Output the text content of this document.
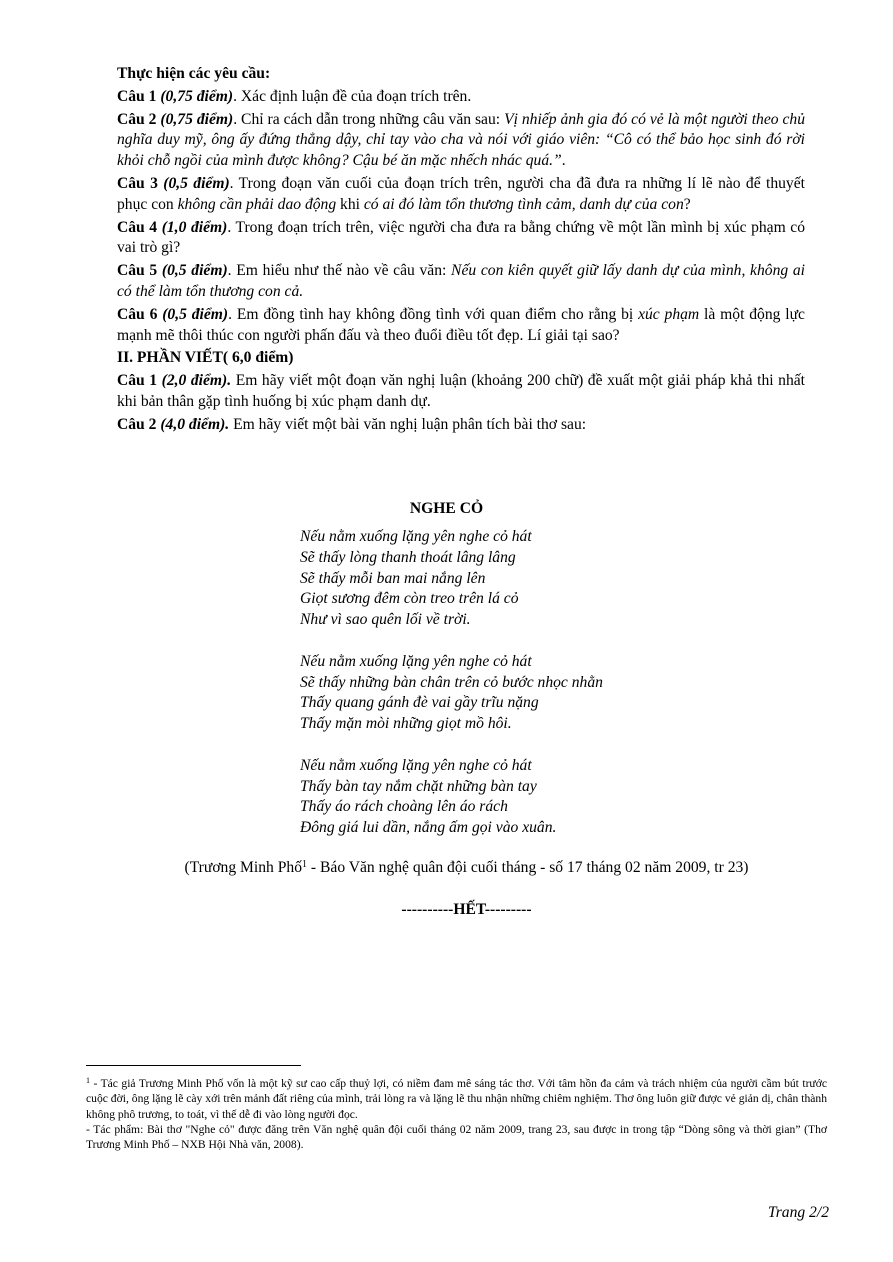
Thực hiện các yêu cầu:

Câu 1 (0,75 điểm). Xác định luận đề của đoạn trích trên.

Câu 2 (0,75 điểm). Chỉ ra cách dẫn trong những câu văn sau: Vị nhiếp ảnh gia đó có vẻ là một người theo chủ nghĩa duy mỹ, ông ấy đứng thẳng dậy, chỉ tay vào cha và nói với giáo viên: “Cô có thể bảo học sinh đó rời khỏi chỗ ngồi của mình được không? Cậu bé ăn mặc nhếch nhác quá.”.

Câu 3 (0,5 điểm). Trong đoạn văn cuối của đoạn trích trên, người cha đã đưa ra những lí lẽ nào để thuyết phục con không cần phải dao động khi có ai đó làm tổn thương tình cảm, danh dự của con?

Câu 4 (1,0 điểm). Trong đoạn trích trên, việc người cha đưa ra bằng chứng về một lần mình bị xúc phạm có vai trò gì?

Câu 5 (0,5 điểm). Em hiểu như thế nào về câu văn: Nếu con kiên quyết giữ lấy danh dự của mình, không ai có thể làm tổn thương con cả.

Câu 6 (0,5 điểm). Em đồng tình hay không đồng tình với quan điểm cho rằng bị xúc phạm là một động lực mạnh mẽ thôi thúc con người phấn đấu và theo đuổi điều tốt đẹp. Lí giải tại sao?

II. PHẦN VIẾT( 6,0 điểm)

Câu 1 (2,0 điểm). Em hãy viết một đoạn văn nghị luận (khoảng 200 chữ) đề xuất một giải pháp khả thi nhất khi bản thân gặp tình huống bị xúc phạm danh dự.

Câu 2 (4,0 điểm). Em hãy viết một bài văn nghị luận phân tích bài thơ sau:

NGHE CỎ
Nếu nằm xuống lặng yên nghe cỏ hát
Sẽ thấy lòng thanh thoát lâng lâng
Sẽ thấy mỗi ban mai nắng lên
Giọt sương đêm còn treo trên lá cỏ
Như vì sao quên lối về trời.
Nếu nằm xuống lặng yên nghe cỏ hát
Sẽ thấy những bàn chân trên cỏ bước nhọc nhằn
Thấy quang gánh đè vai gầy trĩu nặng
Thấy mặn mòi những giọt mồ hôi.
Nếu nằm xuống lặng yên nghe cỏ hát
Thấy bàn tay nắm chặt những bàn tay
Thấy áo rách choàng lên áo rách
Đông giá lui dần, nắng ấm gọi vào xuân.
(Trương Minh Phố$^1$ - Báo Văn nghệ quân đội cuối tháng - số 17 tháng 02 năm 2009, tr 23)
----------HẾT---------

$^1$ - Tác giả Trương Minh Phố vốn là một kỹ sư cao cấp thuỷ lợi, có niềm đam mê sáng tác thơ. Với tâm hồn đa cảm và trách nhiệm của người cầm bút trước cuộc đời, ông lặng lẽ cày xới trên mảnh đất riêng của mình, trải lòng ra và lặng lẽ thu nhận những chiêm nghiệm. Thơ ông luôn giữ được vẻ giản dị, chân thành không phô trương, to toát, vì thế dễ đi vào lòng người đọc.

- Tác phẩm: Bài thơ "Nghe cỏ" được đăng trên Văn nghệ quân đội cuối tháng 02 năm 2009, trang 23, sau được in trong tập “Dòng sông và thời gian” (Thơ Trương Minh Phố – NXB Hội Nhà văn, 2008).

Trang 2/2
